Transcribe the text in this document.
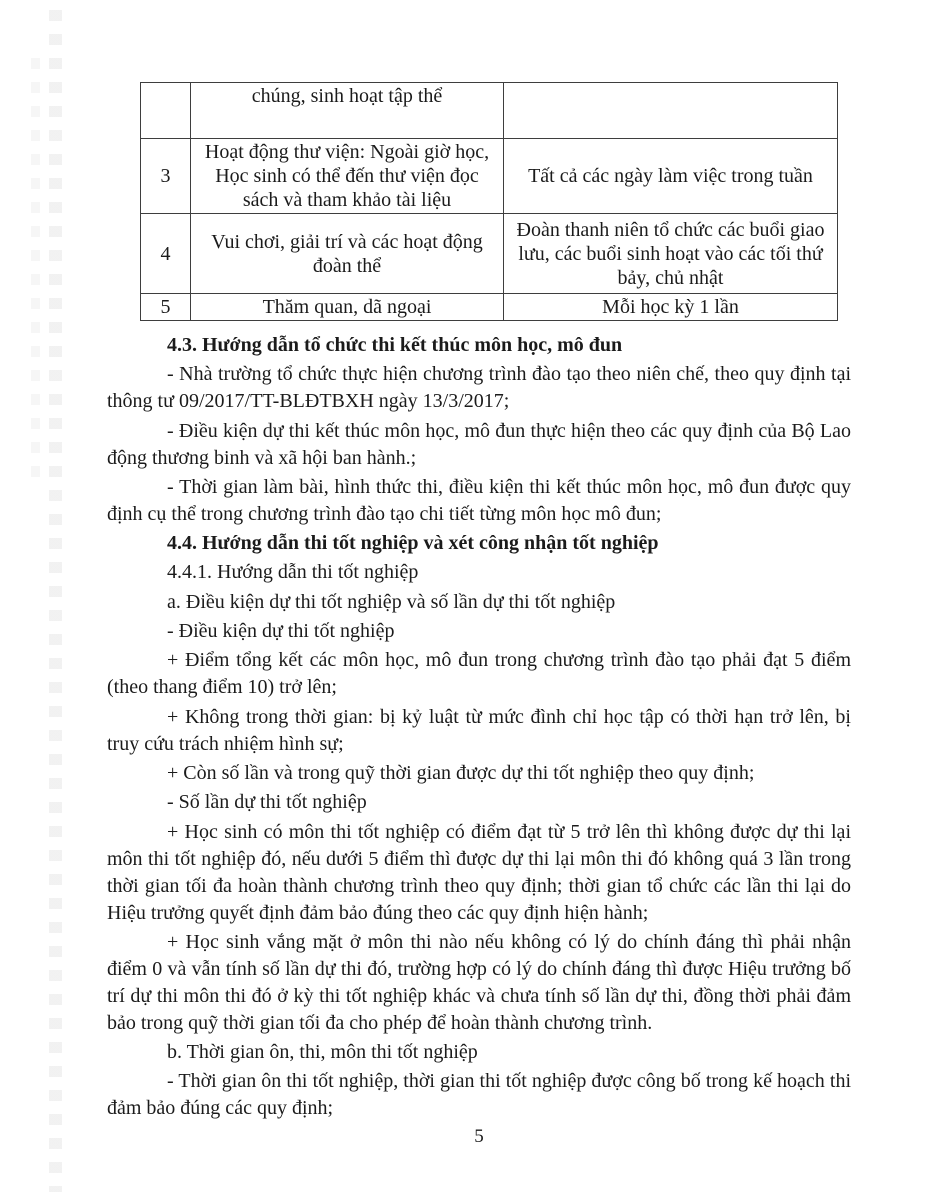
	chúng, sinh hoạt tập thể	
3	Hoạt động thư viện: Ngoài giờ học, Học sinh có thể đến thư viện đọc sách và tham khảo tài liệu	Tất cả các ngày làm việc trong tuần
4	Vui chơi, giải trí và các hoạt động đoàn thể	Đoàn thanh niên tổ chức các buổi giao lưu, các buổi sinh hoạt vào các tối thứ bảy, chủ nhật
5	Thăm quan, dã ngoại	Mỗi học kỳ 1 lần

4.3. Hướng dẫn tổ chức thi kết thúc môn học, mô đun

- Nhà trường tổ chức thực hiện chương trình đào tạo theo niên chế, theo quy định tại thông tư 09/2017/TT-BLĐTBXH ngày 13/3/2017;

- Điều kiện dự thi kết thúc môn học, mô đun thực hiện theo các quy định của Bộ Lao động thương binh và xã hội ban hành.;

- Thời gian làm bài, hình thức thi, điều kiện thi kết thúc môn học, mô đun được quy định cụ thể trong chương trình đào tạo chi tiết từng môn học mô đun;

4.4. Hướng dẫn thi tốt nghiệp và xét công nhận tốt nghiệp

4.4.1. Hướng dẫn thi tốt nghiệp

a. Điều kiện dự thi tốt nghiệp và số lần dự thi tốt nghiệp

- Điều kiện dự thi tốt nghiệp

+ Điểm tổng kết các môn học, mô đun trong chương trình đào tạo phải đạt 5 điểm (theo thang điểm 10) trở lên;

+ Không trong thời gian: bị kỷ luật từ mức đình chỉ học tập có thời hạn trở lên, bị truy cứu trách nhiệm hình sự;

+ Còn số lần và trong quỹ thời gian được dự thi tốt nghiệp theo quy định;

- Số lần dự thi tốt nghiệp

+ Học sinh có môn thi tốt nghiệp có điểm đạt từ 5 trở lên thì không được dự thi lại môn thi tốt nghiệp đó, nếu dưới 5 điểm thì được dự thi lại môn thi đó không quá 3 lần trong thời gian tối đa hoàn thành chương trình theo quy định; thời gian tổ chức các lần thi lại do Hiệu trưởng quyết định đảm bảo đúng theo các quy định hiện hành;

+ Học sinh vắng mặt ở môn thi nào nếu không có lý do chính đáng thì phải nhận điểm 0 và vẫn tính số lần dự thi đó, trường hợp có lý do chính đáng thì được Hiệu trưởng bố trí dự thi môn thi đó ở kỳ thi tốt nghiệp khác và chưa tính số lần dự thi, đồng thời phải đảm bảo trong quỹ thời gian tối đa cho phép để hoàn thành chương trình.

b. Thời gian ôn, thi, môn thi tốt nghiệp

- Thời gian ôn thi tốt nghiệp, thời gian thi tốt nghiệp được công bố trong kế hoạch thi đảm bảo đúng các quy định;

5
